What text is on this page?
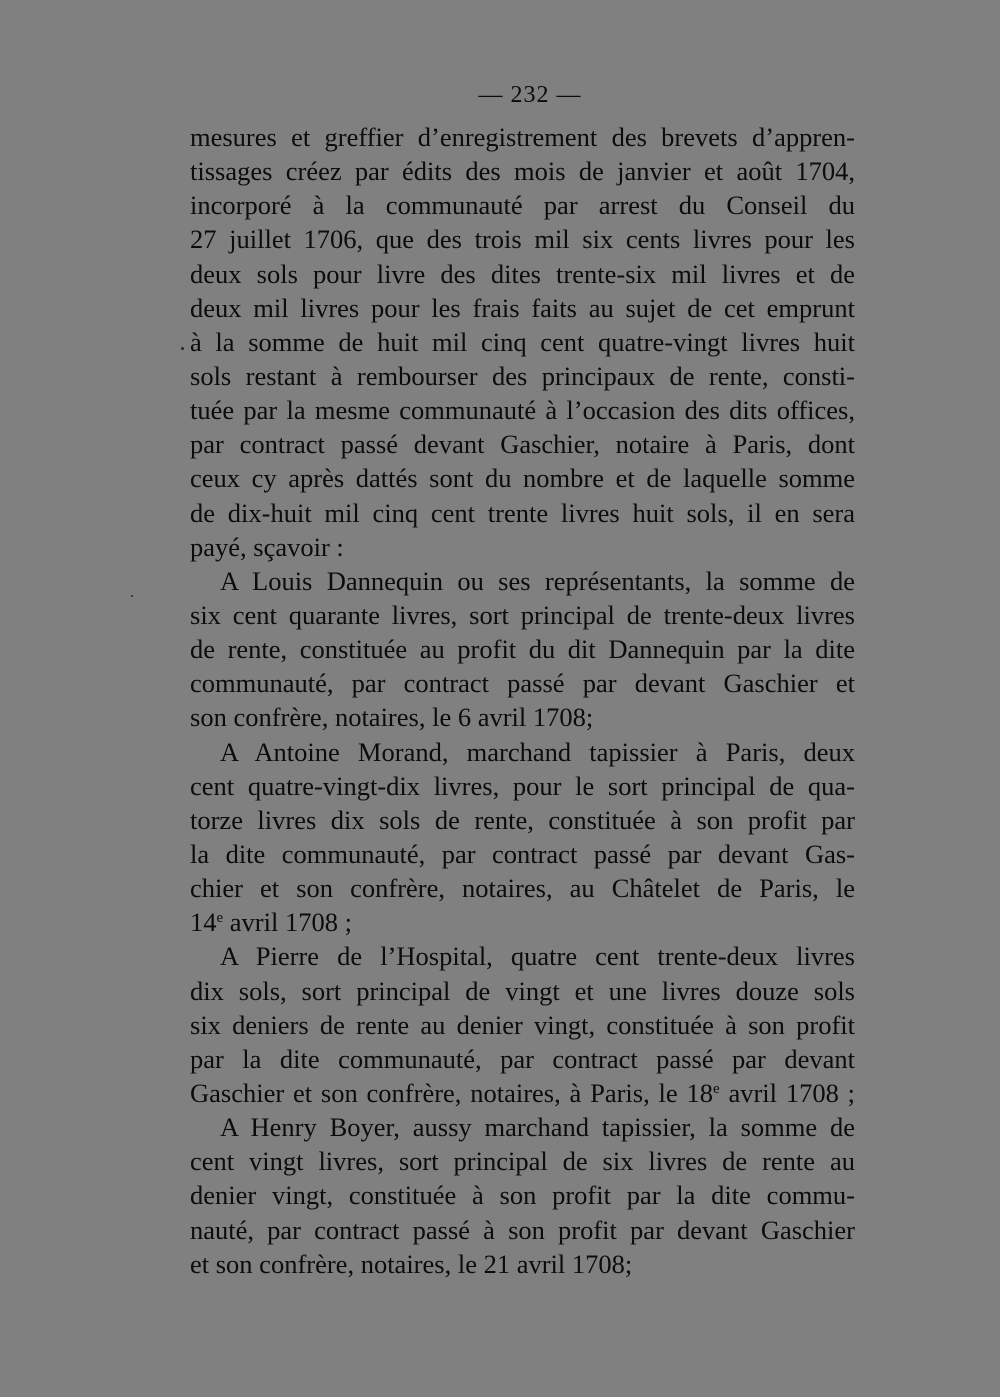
— 232 —
mesures et greffier d’enregistrement des brevets d’appren-
tissages créez par édits des mois de janvier et août 1704,
incorporé à la communauté par arrest du Conseil du
27 juillet 1706, que des trois mil six cents livres pour les
deux sols pour livre des dites trente-six mil livres et de
deux mil livres pour les frais faits au sujet de cet emprunt
à la somme de huit mil cinq cent quatre-vingt livres huit
sols restant à rembourser des principaux de rente, consti-
tuée par la mesme communauté à l’occasion des dits offices,
par contract passé devant Gaschier, notaire à Paris, dont
ceux cy après dattés sont du nombre et de laquelle somme
de dix-huit mil cinq cent trente livres huit sols, il en sera
payé, sçavoir :
A Louis Dannequin ou ses représentants, la somme de
six cent quarante livres, sort principal de trente-deux livres
de rente, constituée au profit du dit Dannequin par la dite
communauté, par contract passé par devant Gaschier et
son confrère, notaires, le 6 avril 1708;
A Antoine Morand, marchand tapissier à Paris, deux
cent quatre-vingt-dix livres, pour le sort principal de qua-
torze livres dix sols de rente, constituée à son profit par
la dite communauté, par contract passé par devant Gas-
chier et son confrère, notaires, au Châtelet de Paris, le
14e avril 1708 ;
A Pierre de l’Hospital, quatre cent trente-deux livres
dix sols, sort principal de vingt et une livres douze sols
six deniers de rente au denier vingt, constituée à son profit
par la dite communauté, par contract passé par devant
Gaschier et son confrère, notaires, à Paris, le 18e avril 1708 ;
A Henry Boyer, aussy marchand tapissier, la somme de
cent vingt livres, sort principal de six livres de rente au
denier vingt, constituée à son profit par la dite commu-
nauté, par contract passé à son profit par devant Gaschier
et son confrère, notaires, le 21 avril 1708;
